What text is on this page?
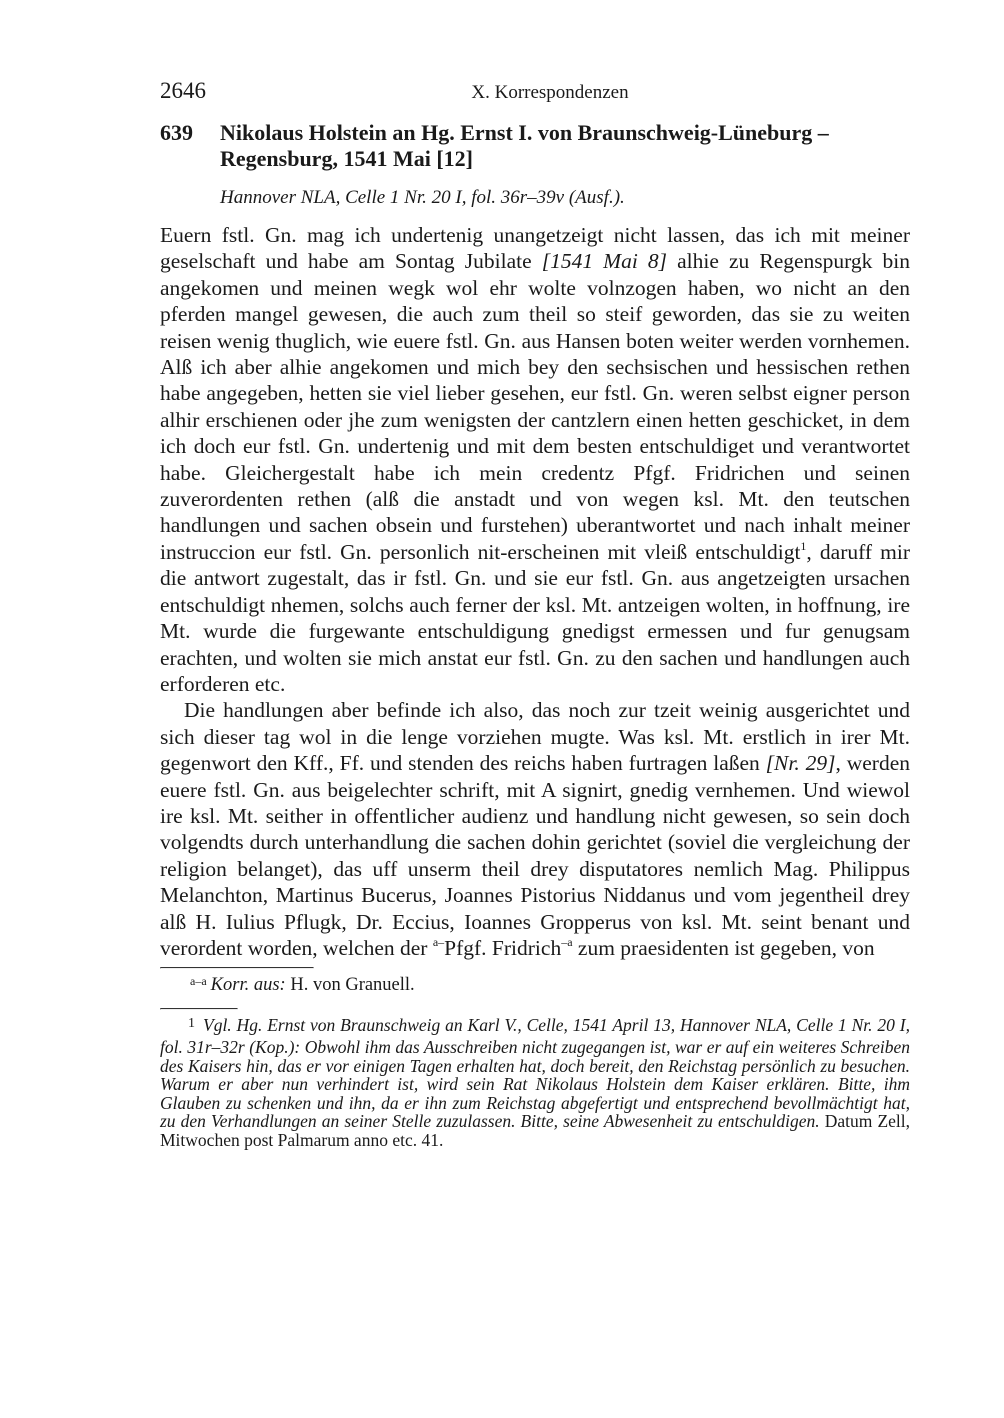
2646	X. Korrespondenzen
639 Nikolaus Holstein an Hg. Ernst I. von Braunschweig-Lüneburg – Regensburg, 1541 Mai [12]
Hannover NLA, Celle 1 Nr. 20 I, fol. 36r–39v (Ausf.).

Euern fstl. Gn. mag ich undertenig unangetzeigt nicht lassen, das ich mit meiner geselschaft und habe am Sontag Jubilate [1541 Mai 8] alhie zu Regenspurgk bin angekomen und meinen wegk wol ehr wolte volnzogen haben, wo nicht an den pferden mangel gewesen, die auch zum theil so steif geworden, das sie zu weiten reisen wenig thuglich, wie euere fstl. Gn. aus Hansen boten weiter werden vornhemen. Alß ich aber alhie angekomen und mich bey den sechsischen und hessischen rethen habe angegeben, hetten sie viel lieber gesehen, eur fstl. Gn. weren selbst eigner person alhir erschienen oder jhe zum wenigsten der cantzlern einen hetten geschicket, in dem ich doch eur fstl. Gn. undertenig und mit dem besten entschuldiget und verantwortet habe. Gleichergestalt habe ich mein credentz Pfgf. Fridrichen und seinen zuverordenten rethen (alß die anstadt und von wegen ksl. Mt. den teutschen handlungen und sachen obsein und furstehen) uberantwortet und nach inhalt meiner instruccion eur fstl. Gn. personlich nit-erscheinen mit vleiß entschuldigt$^1$, daruff mir die antwort zugestalt, das ir fstl. Gn. und sie eur fstl. Gn. aus angetzeigten ursachen entschuldigt nhemen, solchs auch ferner der ksl. Mt. antzeigen wolten, in hoffnung, ire Mt. wurde die furgewante entschuldigung gnedigst ermessen und fur genugsam erachten, und wolten sie mich anstat eur fstl. Gn. zu den sachen und handlungen auch erforderen etc.

Die handlungen aber befinde ich also, das noch zur tzeit weinig ausgerichtet und sich dieser tag wol in die lenge vorziehen mugte. Was ksl. Mt. erstlich in irer Mt. gegenwort den Kff., Ff. und stenden des reichs haben furtragen laßen [Nr. 29], werden euere fstl. Gn. aus beigelechter schrift, mit A signirt, gnedig vernhemen. Und wiewol ire ksl. Mt. seither in offentlicher audienz und handlung nicht gewesen, so sein doch volgendts durch unterhandlung die sachen dohin gerichtet (soviel die vergleichung der religion belanget), das uff unserm theil drey disputatores nemlich Mag. Philippus Melanchton, Martinus Bucerus, Joannes Pistorius Niddanus und vom jegentheil drey alß H. Iulius Pflugk, Dr. Eccius, Ioannes Gropperus von ksl. Mt. seint benant und verordent worden, welchen der $^{a-}$Pfgf. Fridrich$^{-a}$ zum praesidenten ist gegeben, von

$^{a-a}$ Korr. aus: H. von Granuell.
$^1$ Vgl. Hg. Ernst von Braunschweig an Karl V., Celle, 1541 April 13, Hannover NLA, Celle 1 Nr. 20 I, fol. 31r–32r (Kop.): Obwohl ihm das Ausschreiben nicht zugegangen ist, war er auf ein weiteres Schreiben des Kaisers hin, das er vor einigen Tagen erhalten hat, doch bereit, den Reichstag persönlich zu besuchen. Warum er aber nun verhindert ist, wird sein Rat Nikolaus Holstein dem Kaiser erklären. Bitte, ihm Glauben zu schenken und ihn, da er ihn zum Reichstag abgefertigt und entsprechend bevollmächtigt hat, zu den Verhandlungen an seiner Stelle zuzulassen. Bitte, seine Abwesenheit zu entschuldigen. Datum Zell, Mitwochen post Palmarum anno etc. 41.
